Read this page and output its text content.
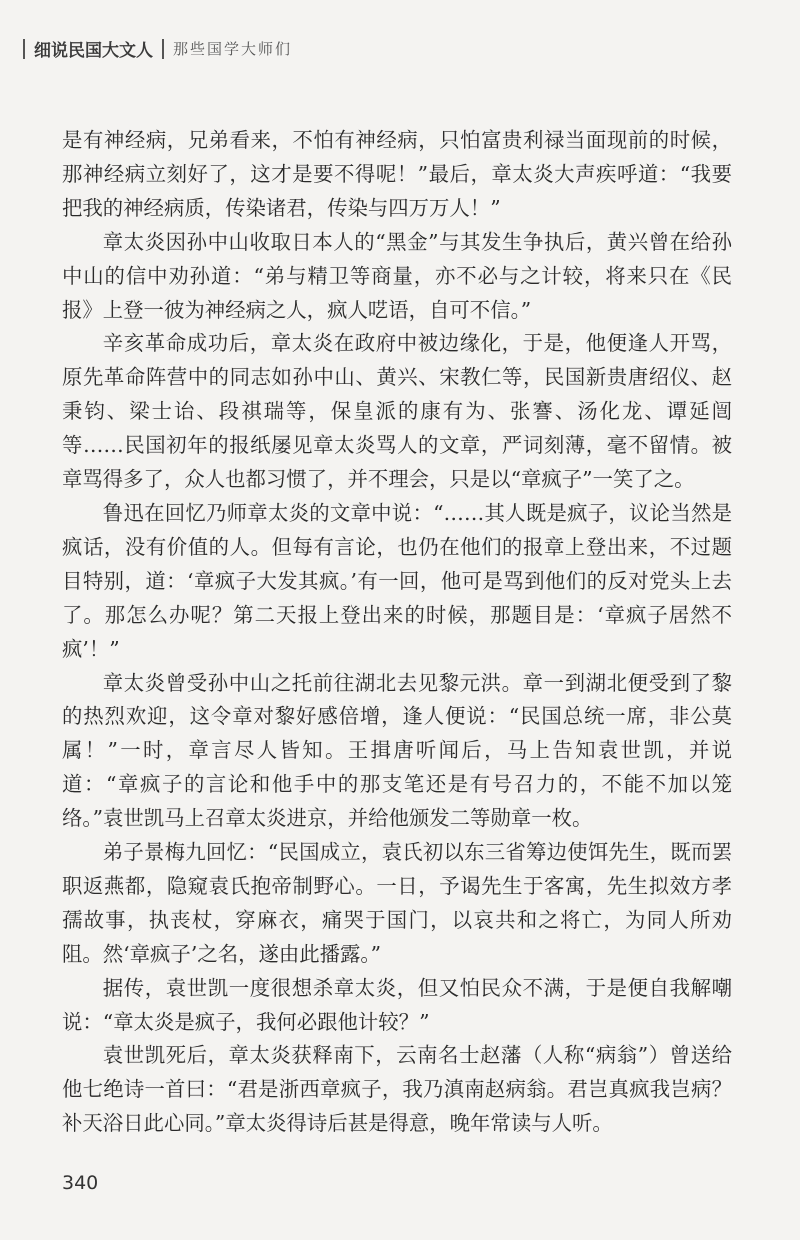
细说民国大文人 那些国学大师们

是有神经病，兄弟看来，不怕有神经病，只怕富贵利禄当面现前的时候，那神经病立刻好了，这才是要不得呢！”最后，章太炎大声疾呼道：“我要把我的神经病质，传染诸君，传染与四万万人！”

章太炎因孙中山收取日本人的“黑金”与其发生争执后，黄兴曾在给孙中山的信中劝孙道：“弟与精卫等商量，亦不必与之计较，将来只在《民报》上登一彼为神经病之人，疯人呓语，自可不信。”

辛亥革命成功后，章太炎在政府中被边缘化，于是，他便逢人开骂，原先革命阵营中的同志如孙中山、黄兴、宋教仁等，民国新贵唐绍仪、赵秉钧、梁士诒、段祺瑞等，保皇派的康有为、张謇、汤化龙、谭延闿等……民国初年的报纸屡见章太炎骂人的文章，严词刻薄，毫不留情。被章骂得多了，众人也都习惯了，并不理会，只是以“章疯子”一笑了之。

鲁迅在回忆乃师章太炎的文章中说：“……其人既是疯子，议论当然是疯话，没有价值的人。但每有言论，也仍在他们的报章上登出来，不过题目特别，道：‘章疯子大发其疯。’有一回，他可是骂到他们的反对党头上去了。那怎么办呢？第二天报上登出来的时候，那题目是：‘章疯子居然不疯’！”

章太炎曾受孙中山之托前往湖北去见黎元洪。章一到湖北便受到了黎的热烈欢迎，这令章对黎好感倍增，逢人便说：“民国总统一席，非公莫属！”一时，章言尽人皆知。王揖唐听闻后，马上告知袁世凯，并说道：“章疯子的言论和他手中的那支笔还是有号召力的，不能不加以笼络。”袁世凯马上召章太炎进京，并给他颁发二等勋章一枚。

弟子景梅九回忆：“民国成立，袁氏初以东三省筹边使饵先生，既而罢职返燕都，隐窥袁氏抱帝制野心。一日，予谒先生于客寓，先生拟效方孝孺故事，执丧杖，穿麻衣，痛哭于国门，以哀共和之将亡，为同人所劝阻。然‘章疯子’之名，遂由此播露。”

据传，袁世凯一度很想杀章太炎，但又怕民众不满，于是便自我解嘲说：“章太炎是疯子，我何必跟他计较？”

袁世凯死后，章太炎获释南下，云南名士赵藩（人称“病翁”）曾送给他七绝诗一首曰：“君是浙西章疯子，我乃滇南赵病翁。君岂真疯我岂病？补天浴日此心同。”章太炎得诗后甚是得意，晚年常读与人听。

340
